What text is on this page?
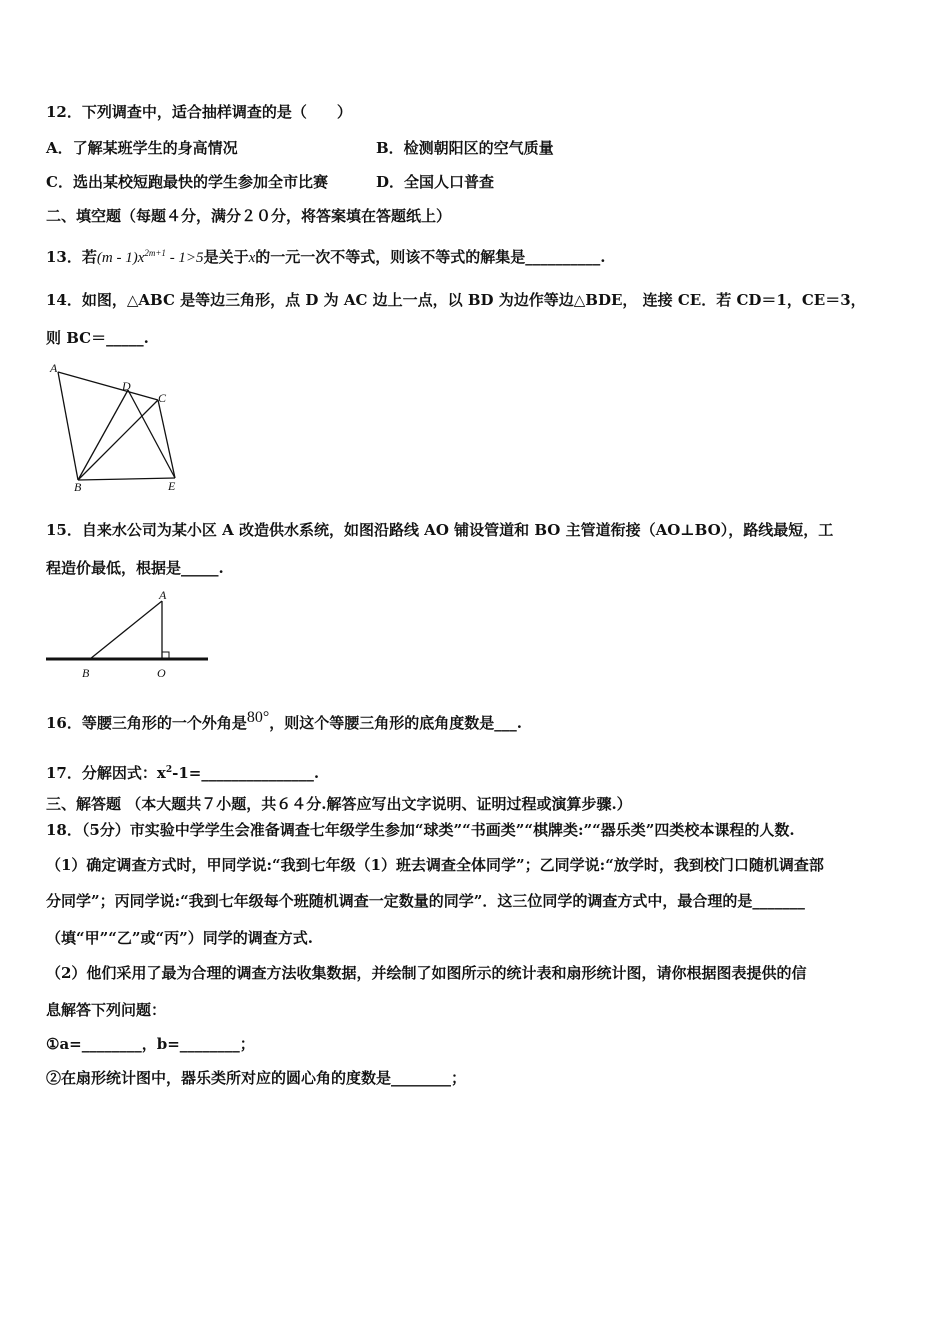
12．下列调查中，适合抽样调查的是（　　）
A．了解某班学生的身高情况	B．检测朝阳区的空气质量
C．选出某校短跑最快的学生参加全市比赛	D．全国人口普查
二、填空题（每题４分，满分２０分，将答案填在答题纸上）
13．若$(m - 1)x^{2m+1} - 1>5$是关于x的一元一次不等式，则该不等式的解集是__________.
14．如图，△ABC 是等边三角形，点 D 为 AC 边上一点，以 BD 为边作等边△BDE， 连接 CE．若 CD＝1，CE＝3，
则 BC＝_____.
A
D
C
B	E
15．自来水公司为某小区 A 改造供水系统，如图沿路线 AO 铺设管道和 BO 主管道衔接（AO⊥BO），路线最短，工
程造价最低，根据是_____.
A
B	O
16．等腰三角形的一个外角是80°，则这个等腰三角形的底角度数是___.
17．分解因式：$x^2-1=\_\_\_\_\_\_\_\_\_\_\_\_\_\_\_$.
三、解答题 （本大题共７小题，共６４分.解答应写出文字说明、证明过程或演算步骤.）
18．（5分）市实验中学学生会准备调查七年级学生参加“球类”“书画类”“棋牌类:”“器乐类”四类校本课程的人数.
（1）确定调查方式时，甲同学说:“我到七年级（1）班去调查全体同学”；乙同学说:“放学时，我到校门口随机调查部
分同学”；丙同学说:“我到七年级每个班随机调查一定数量的同学”．这三位同学的调查方式中，最合理的是_______
（填“甲”“乙”或“丙”）同学的调查方式.
（2）他们采用了最为合理的调查方法收集数据，并绘制了如图所示的统计表和扇形统计图，请你根据图表提供的信
息解答下列问题：
①a=________，b=________；
②在扇形统计图中，器乐类所对应的圆心角的度数是________；
